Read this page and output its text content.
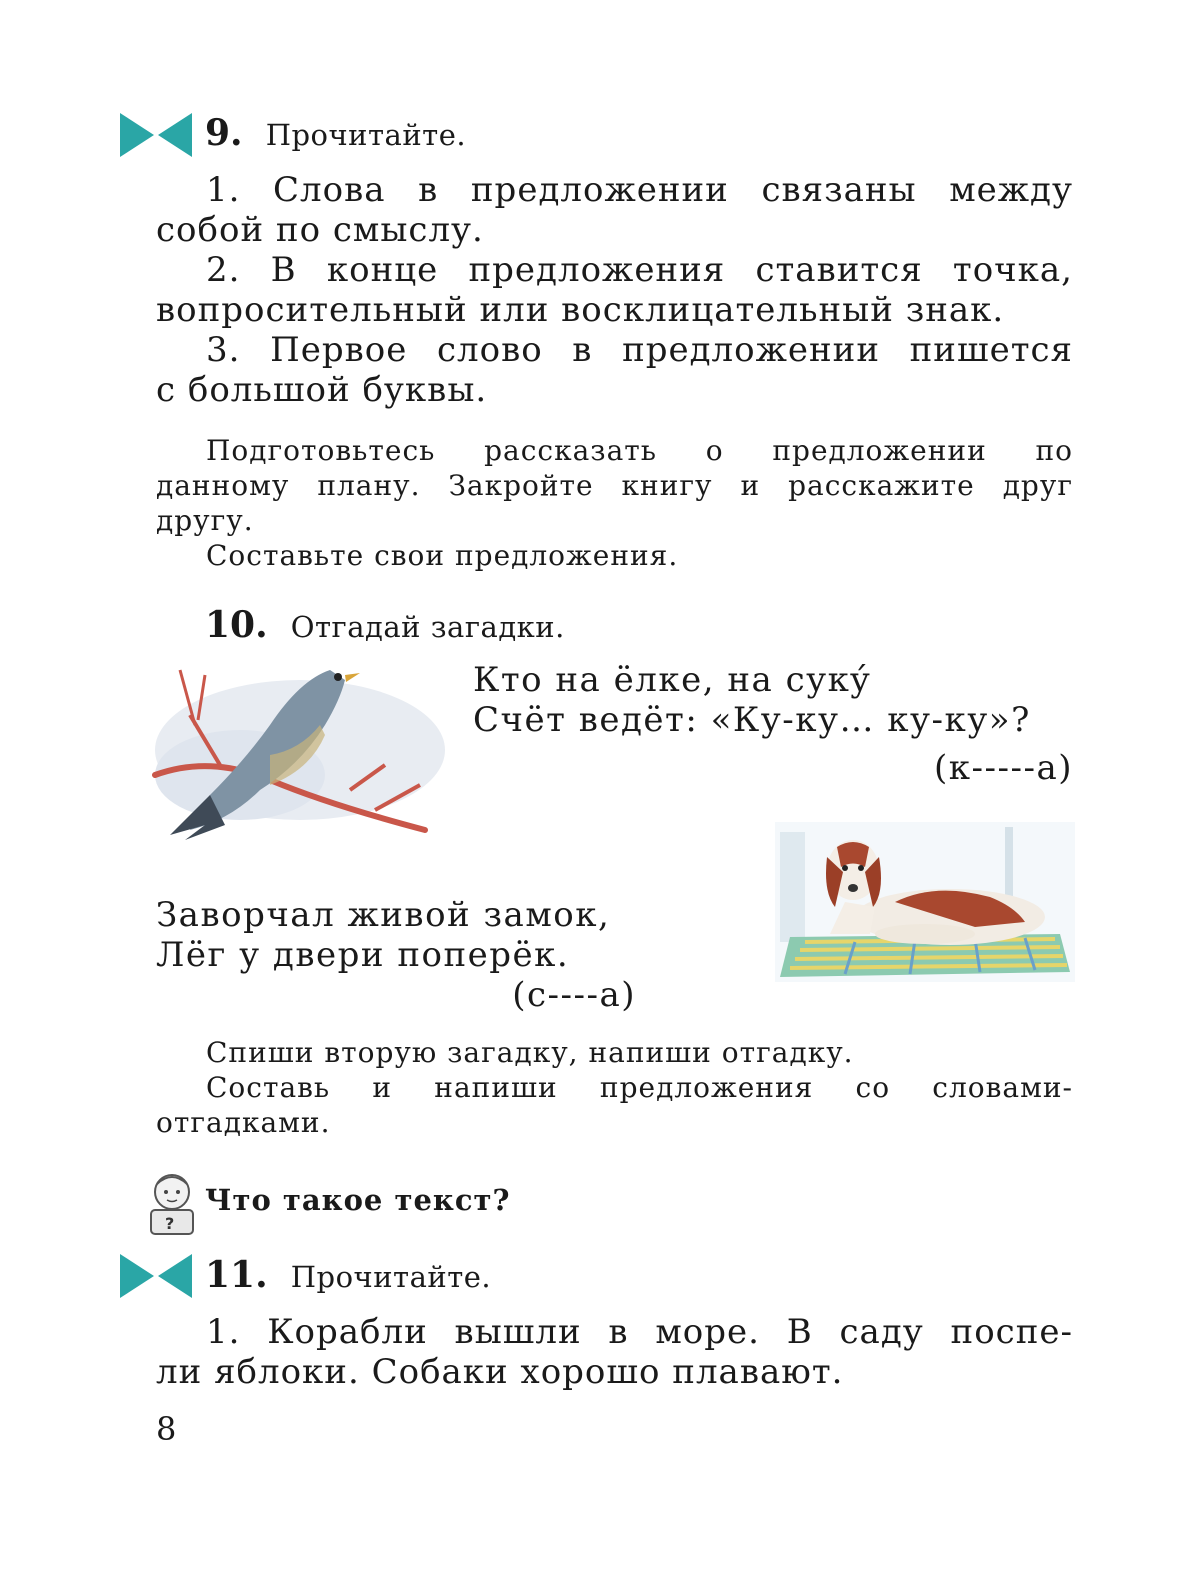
9. Прочитайте.
1. Слова в предложении связаны между
собой по смыслу.
2. В конце предложения ставится точка,
вопросительный или восклицательный знак.
3. Первое слово в предложении пишется
с большой буквы.
Подготовьтесь рассказать о предложении по
данному плану. Закройте книгу и расскажите друг
другу.
Составьте свои предложения.
10. Отгадай загадки.
Кто на ёлке, на сукý
Счёт ведёт: «Ку-ку… ку-ку»?
(к-----а)
Заворчал живой замок,
Лёг у двери поперёк.
(с----а)
Спиши вторую загадку, напиши отгадку.
Составь и напиши предложения со словами-
отгадками.
?
Что такое текст?
11. Прочитайте.
1. Корабли вышли в море. В саду поспе-
ли яблоки. Собаки хорошо плавают.
8
